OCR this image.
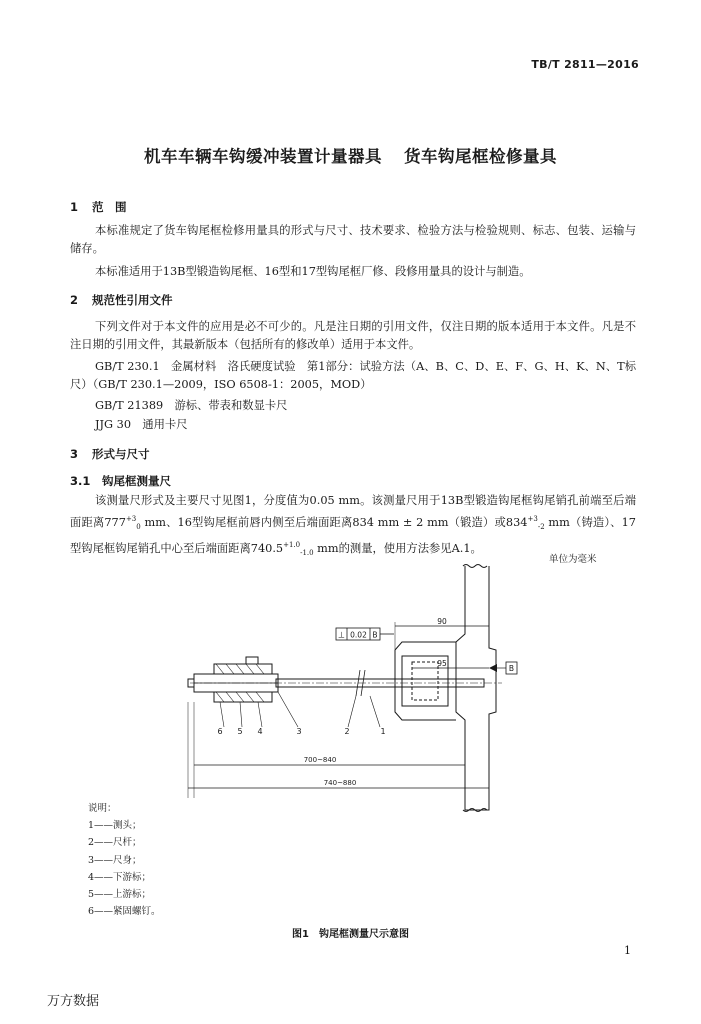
TB/T 2811—2016
机车车辆车钩缓冲装置计量器具 货车钩尾框检修量具
1 范　围
本标准规定了货车钩尾框检修用量具的形式与尺寸、技术要求、检验方法与检验规则、标志、包装、运输与储存。
本标准适用于13B型锻造钩尾框、16型和17型钩尾框厂修、段修用量具的设计与制造。
2 规范性引用文件
下列文件对于本文件的应用是必不可少的。凡是注日期的引用文件，仅注日期的版本适用于本文件。凡是不注日期的引用文件，其最新版本（包括所有的修改单）适用于本文件。
GB/T 230.1　金属材料　洛氏硬度试验　第1部分：试验方法（A、B、C、D、E、F、G、H、K、N、T标尺）（GB/T 230.1—2009，ISO 6508-1：2005，MOD）
GB/T 21389　游标、带表和数显卡尺
JJG 30　通用卡尺
3 形式与尺寸
3.1 钩尾框测量尺
该测量尺形式及主要尺寸见图1，分度值为0.05 mm。该测量尺用于13B型锻造钩尾框钩尾销孔前端至后端面距离$777^{+3}_0$ mm、16型钩尾框前唇内侧至后端面距离834 mm ± 2 mm（锻造）或$834^{+3}_{-2}$ mm（铸造）、17型钩尾框钩尾销孔中心至后端面距离$740.5^{+1.0}_{-1.0}$ mm的测量，使用方法参见A.1。
单位为毫米
⊥ 0.02 B
90
95
B
700~840
740~880
6 5 4	3	2	1
说明：
1——测头；
2——尺杆；
3——尺身；
4——下游标；
5——上游标；
6——紧固螺钉。
图1　钩尾框测量尺示意图
1
万方数据
